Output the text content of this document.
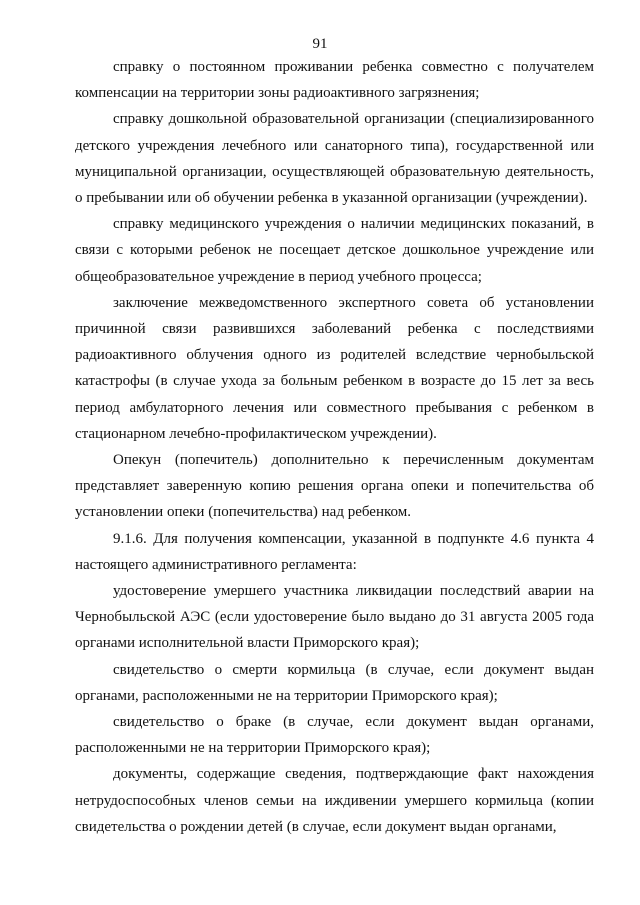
91

справку о постоянном проживании ребенка совместно с получателем компенсации на территории зоны радиоактивного загрязнения;

справку дошкольной образовательной организации (специализированного детского учреждения лечебного или санаторного типа), государственной или муниципальной организации, осуществляющей образовательную деятельность, о пребывании или об обучении ребенка в указанной организации (учреждении).

справку медицинского учреждения о наличии медицинских показаний, в связи с которыми ребенок не посещает детское дошкольное учреждение или общеобразовательное учреждение в период учебного процесса;

заключение межведомственного экспертного совета об установлении причинной связи развившихся заболеваний ребенка с последствиями радиоактивного облучения одного из родителей вследствие чернобыльской катастрофы (в случае ухода за больным ребенком в возрасте до 15 лет за весь период амбулаторного лечения или совместного пребывания с ребенком в стационарном лечебно-профилактическом учреждении).

Опекун (попечитель) дополнительно к перечисленным документам представляет заверенную копию решения органа опеки и попечительства об установлении опеки (попечительства) над ребенком.

9.1.6. Для получения компенсации, указанной в подпункте 4.6 пункта 4 настоящего административного регламента:

удостоверение умершего участника ликвидации последствий аварии на Чернобыльской АЭС (если удостоверение было выдано до 31 августа 2005 года органами исполнительной власти Приморского края);

свидетельство о смерти кормильца (в случае, если документ выдан органами, расположенными не на территории Приморского края);

свидетельство о браке (в случае, если документ выдан органами, расположенными не на территории Приморского края);

документы, содержащие сведения, подтверждающие факт нахождения нетрудоспособных членов семьи на иждивении умершего кормильца (копии свидетельства о рождении детей (в случае, если документ выдан органами,
